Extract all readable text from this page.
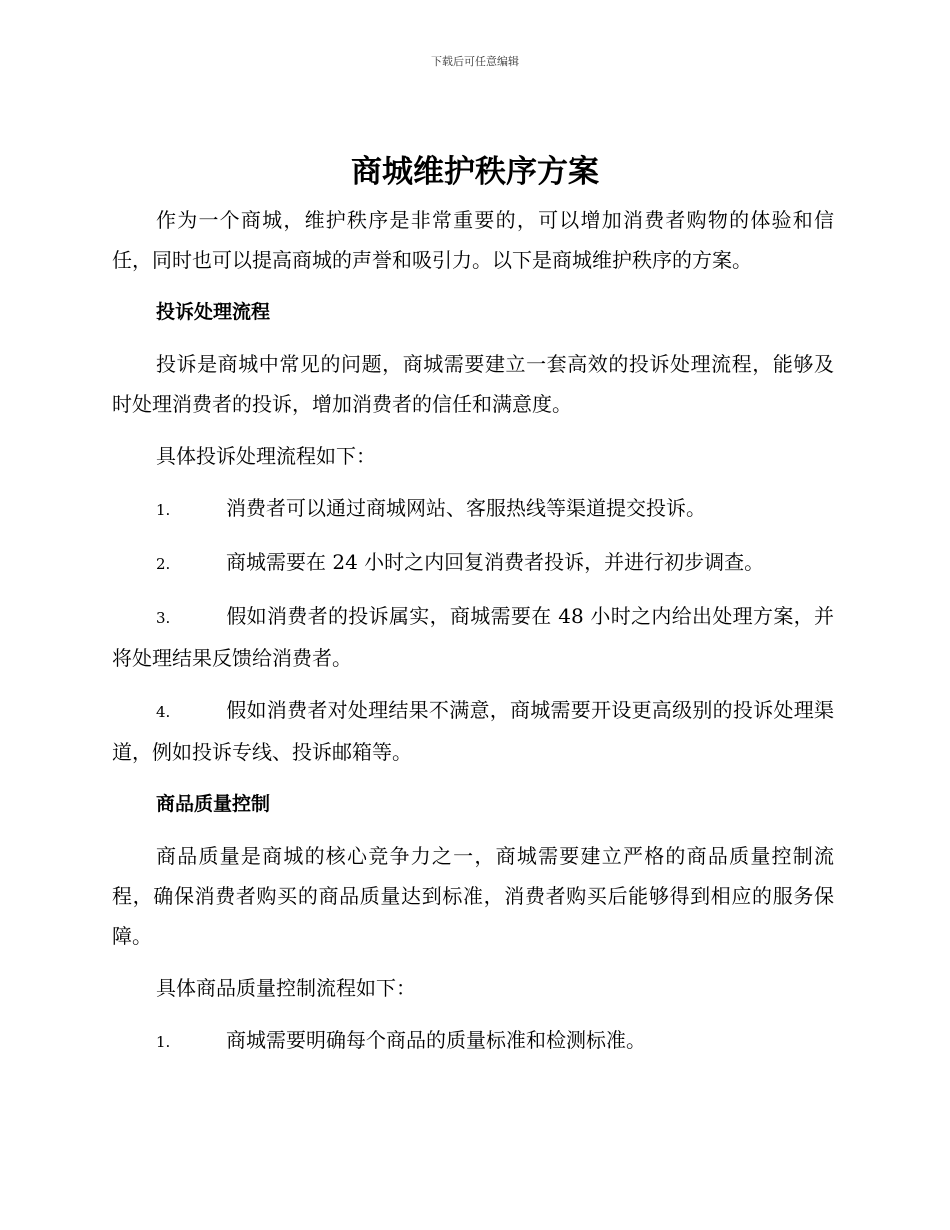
下载后可任意编辑
商城维护秩序方案

作为一个商城，维护秩序是非常重要的，可以增加消费者购物的体验和信任，同时也可以提高商城的声誉和吸引力。以下是商城维护秩序的方案。

投诉处理流程

投诉是商城中常见的问题，商城需要建立一套高效的投诉处理流程，能够及时处理消费者的投诉，增加消费者的信任和满意度。

具体投诉处理流程如下：

1.	消费者可以通过商城网站、客服热线等渠道提交投诉。

2.	商城需要在 24 小时之内回复消费者投诉，并进行初步调查。

3.	假如消费者的投诉属实，商城需要在 48 小时之内给出处理方案，并将处理结果反馈给消费者。

4.	假如消费者对处理结果不满意，商城需要开设更高级别的投诉处理渠道，例如投诉专线、投诉邮箱等。

商品质量控制

商品质量是商城的核心竞争力之一，商城需要建立严格的商品质量控制流程，确保消费者购买的商品质量达到标准，消费者购买后能够得到相应的服务保障。

具体商品质量控制流程如下：

1.	商城需要明确每个商品的质量标准和检测标准。
